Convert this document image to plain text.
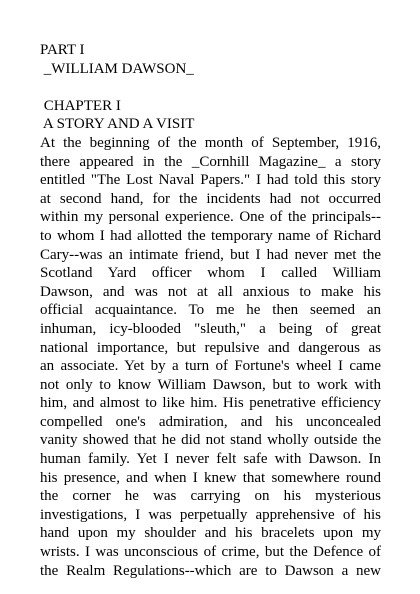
PART I
_WILLIAM DAWSON_
CHAPTER I
A STORY AND A VISIT
At the beginning of the month of September, 1916,
there appeared in the _Cornhill Magazine_ a story
entitled "The Lost Naval Papers." I had told this story
at second hand, for the incidents had not occurred
within my personal experience. One of the principals--
to whom I had allotted the temporary name of Richard
Cary--was an intimate friend, but I had never met the
Scotland Yard officer whom I called William
Dawson, and was not at all anxious to make his
official acquaintance. To me he then seemed an
inhuman, icy-blooded "sleuth," a being of great
national importance, but repulsive and dangerous as
an associate. Yet by a turn of Fortune's wheel I came
not only to know William Dawson, but to work with
him, and almost to like him. His penetrative efficiency
compelled one's admiration, and his unconcealed
vanity showed that he did not stand wholly outside the
human family. Yet I never felt safe with Dawson. In
his presence, and when I knew that somewhere round
the corner he was carrying on his mysterious
investigations, I was perpetually apprehensive of his
hand upon my shoulder and his bracelets upon my
wrists. I was unconscious of crime, but the Defence of
the Realm Regulations--which are to Dawson a new
